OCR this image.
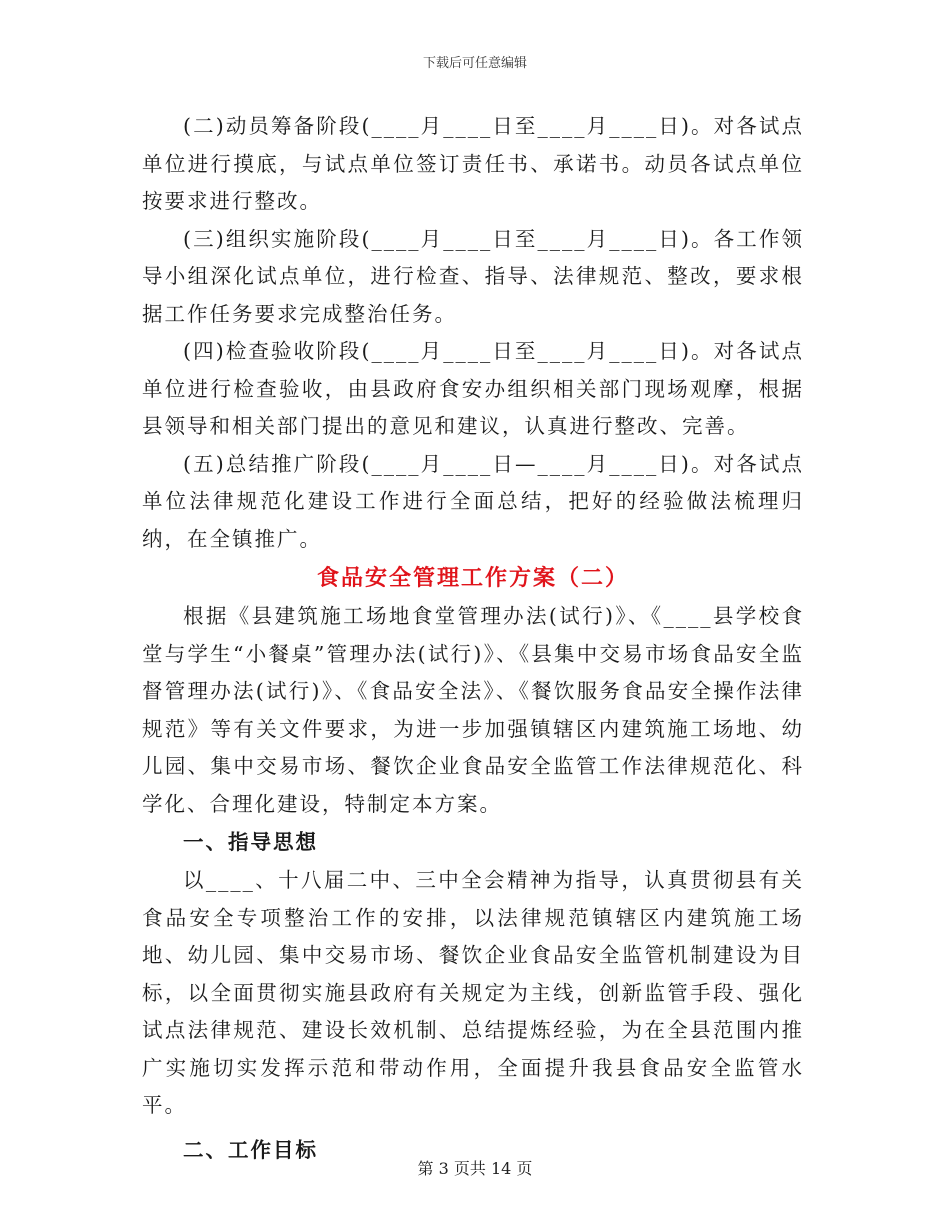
下载后可任意编辑

(二)动员筹备阶段(____月____日至____月____日)。对各试点单位进行摸底，与试点单位签订责任书、承诺书。动员各试点单位按要求进行整改。

(三)组织实施阶段(____月____日至____月____日)。各工作领导小组深化试点单位，进行检查、指导、法律规范、整改，要求根据工作任务要求完成整治任务。

(四)检查验收阶段(____月____日至____月____日)。对各试点单位进行检查验收，由县政府食安办组织相关部门现场观摩，根据县领导和相关部门提出的意见和建议，认真进行整改、完善。

(五)总结推广阶段(____月____日—____月____日)。对各试点单位法律规范化建设工作进行全面总结，把好的经验做法梳理归纳，在全镇推广。

食品安全管理工作方案（二）

根据《县建筑施工场地食堂管理办法(试行)》、《____县学校食堂与学生“小餐桌”管理办法(试行)》、《县集中交易市场食品安全监督管理办法(试行)》、《食品安全法》、《餐饮服务食品安全操作法律规范》等有关文件要求，为进一步加强镇辖区内建筑施工场地、幼儿园、集中交易市场、餐饮企业食品安全监管工作法律规范化、科学化、合理化建设，特制定本方案。

一、指导思想

以____、十八届二中、三中全会精神为指导，认真贯彻县有关食品安全专项整治工作的安排，以法律规范镇辖区内建筑施工场地、幼儿园、集中交易市场、餐饮企业食品安全监管机制建设为目标，以全面贯彻实施县政府有关规定为主线，创新监管手段、强化试点法律规范、建设长效机制、总结提炼经验，为在全县范围内推广实施切实发挥示范和带动作用，全面提升我县食品安全监管水平。

二、工作目标
第 3 页共 14 页
